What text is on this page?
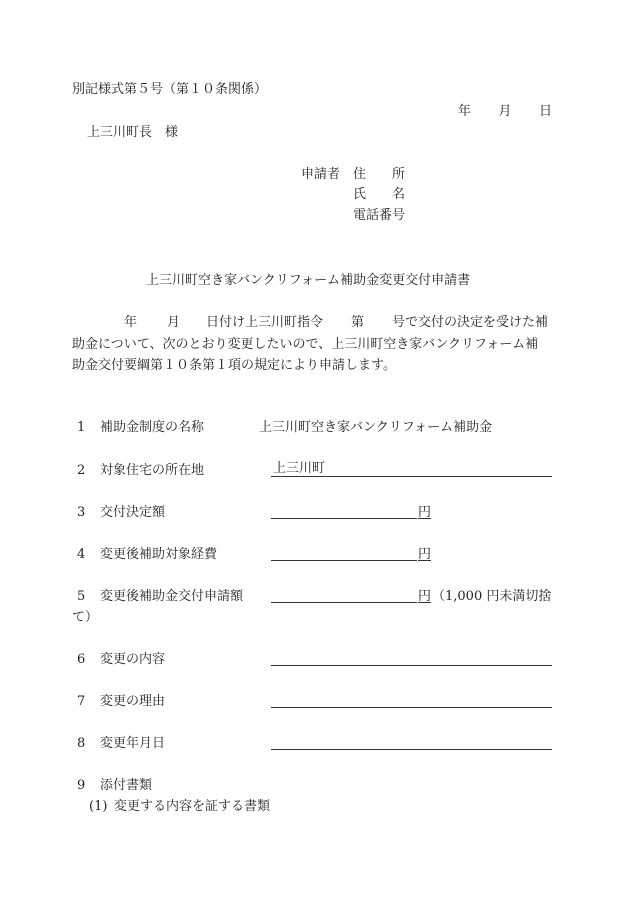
別記様式第５号（第１０条関係）
年 月 日
上三川町長　様
申請者 住　　所
氏　　名
電話番号
上三川町空き家バンクリフォーム補助金変更交付申請書
年 月 日付け上三川町指令 第 号で交付の決定を受けた補
助金について、次のとおり変更したいので、上三川町空き家バンクリフォーム補
助金交付要綱第１０条第１項の規定により申請します。
1 補助金制度の名称	上三川町空き家バンクリフォーム補助金
2 対象住宅の所在地	上三川町
3 交付決定額	円
4 変更後補助対象経費	円
5 変更後補助金交付申請額	円 （1,000 円未満切捨
て）
6 変更の内容
7 変更の理由
8 変更年月日
9 添付書類
(1) 変更する内容を証する書類
